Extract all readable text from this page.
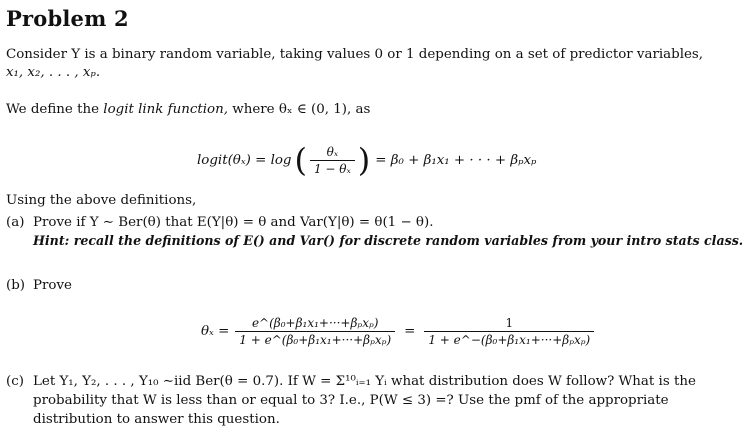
Problem 2
Consider Y is a binary random variable, taking values 0 or 1 depending on a set of predictor variables,
x₁, x₂, . . . , xₚ.
We define the logit link function, where θₓ ∈ (0, 1), as
logit(θₓ) = log ( $\frac{\text{θₓ}}{\text{1 − θₓ}}$ ) = β₀ + β₁x₁ + · · · + βₚxₚ
Using the above definitions,
(a) Prove if Y ∼ Ber(θ) that E(Y|θ) = θ and Var(Y|θ) = θ(1 − θ).
Hint: recall the definitions of E() and Var() for discrete random variables from your intro stats class.
(b) Prove
$\theta_x = \frac{\text{e\textasciicircum{}(β₀+β₁x₁+···+βₚxₚ)}}{\text{1 + e\textasciicircum{}(β₀+β₁x₁+···+βₚxₚ)}} = \frac{1}{\text{1 + e\textasciicircum{}−(β₀+β₁x₁+···+βₚxₚ)}}$
(c) Let Y₁, Y₂, . . . , Y₁₀ ∼iid Ber(θ = 0.7). If W = Σ¹⁰ᵢ₌₁ Yᵢ what distribution does W follow? What is the
probability that W is less than or equal to 3? I.e., P(W ≤ 3) =? Use the pmf of the appropriate
distribution to answer this question.
